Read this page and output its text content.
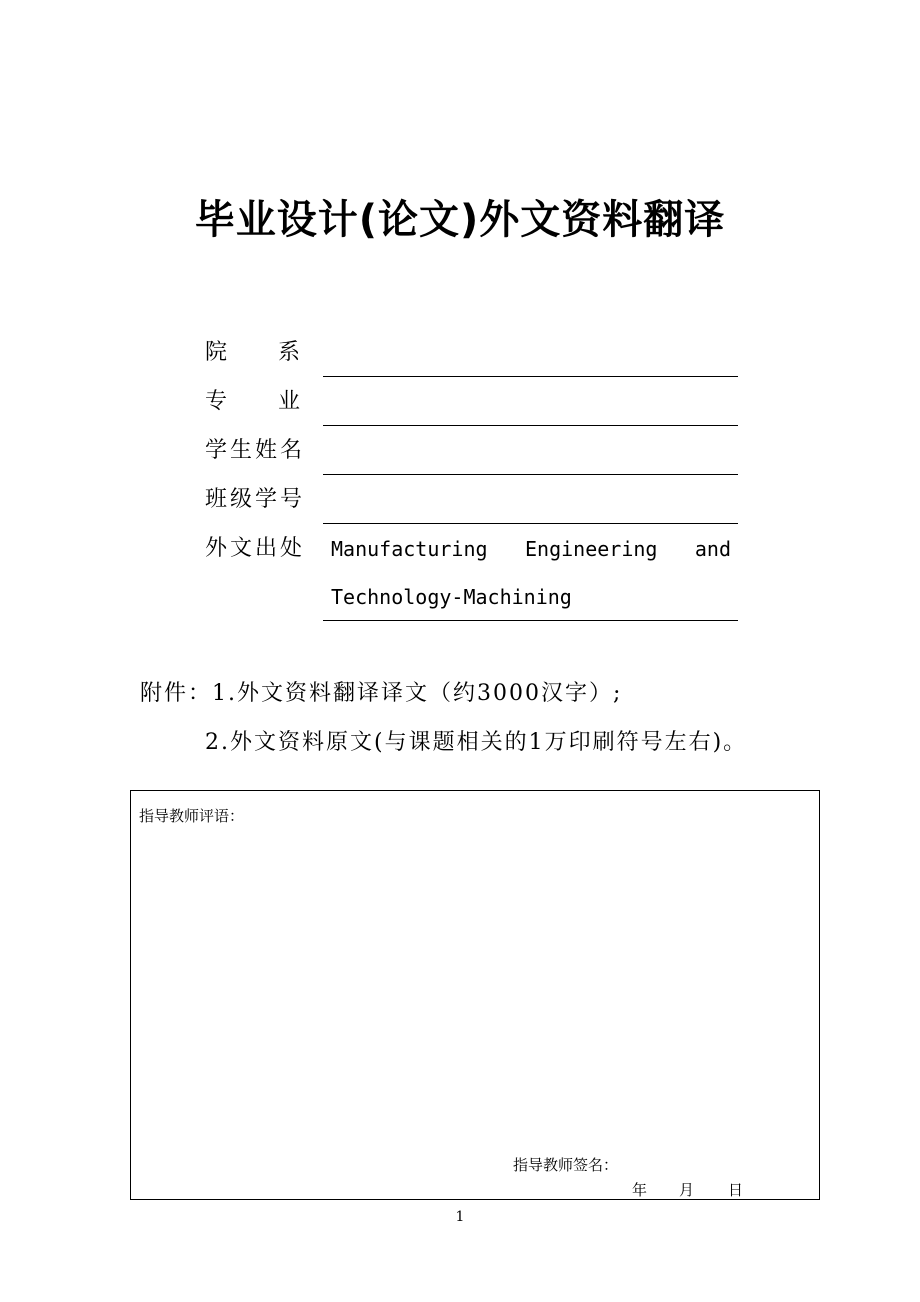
毕业设计(论文)外文资料翻译
院 系
专 业
学生姓名
班级学号
外文出处 Manufacturing Engineering and
Technology-Machining
附件：1.外文资料翻译译文（约3000汉字）;
2.外文资料原文(与课题相关的1万印刷符号左右)。
指导教师评语：
指导教师签名：
年 月 日
1
